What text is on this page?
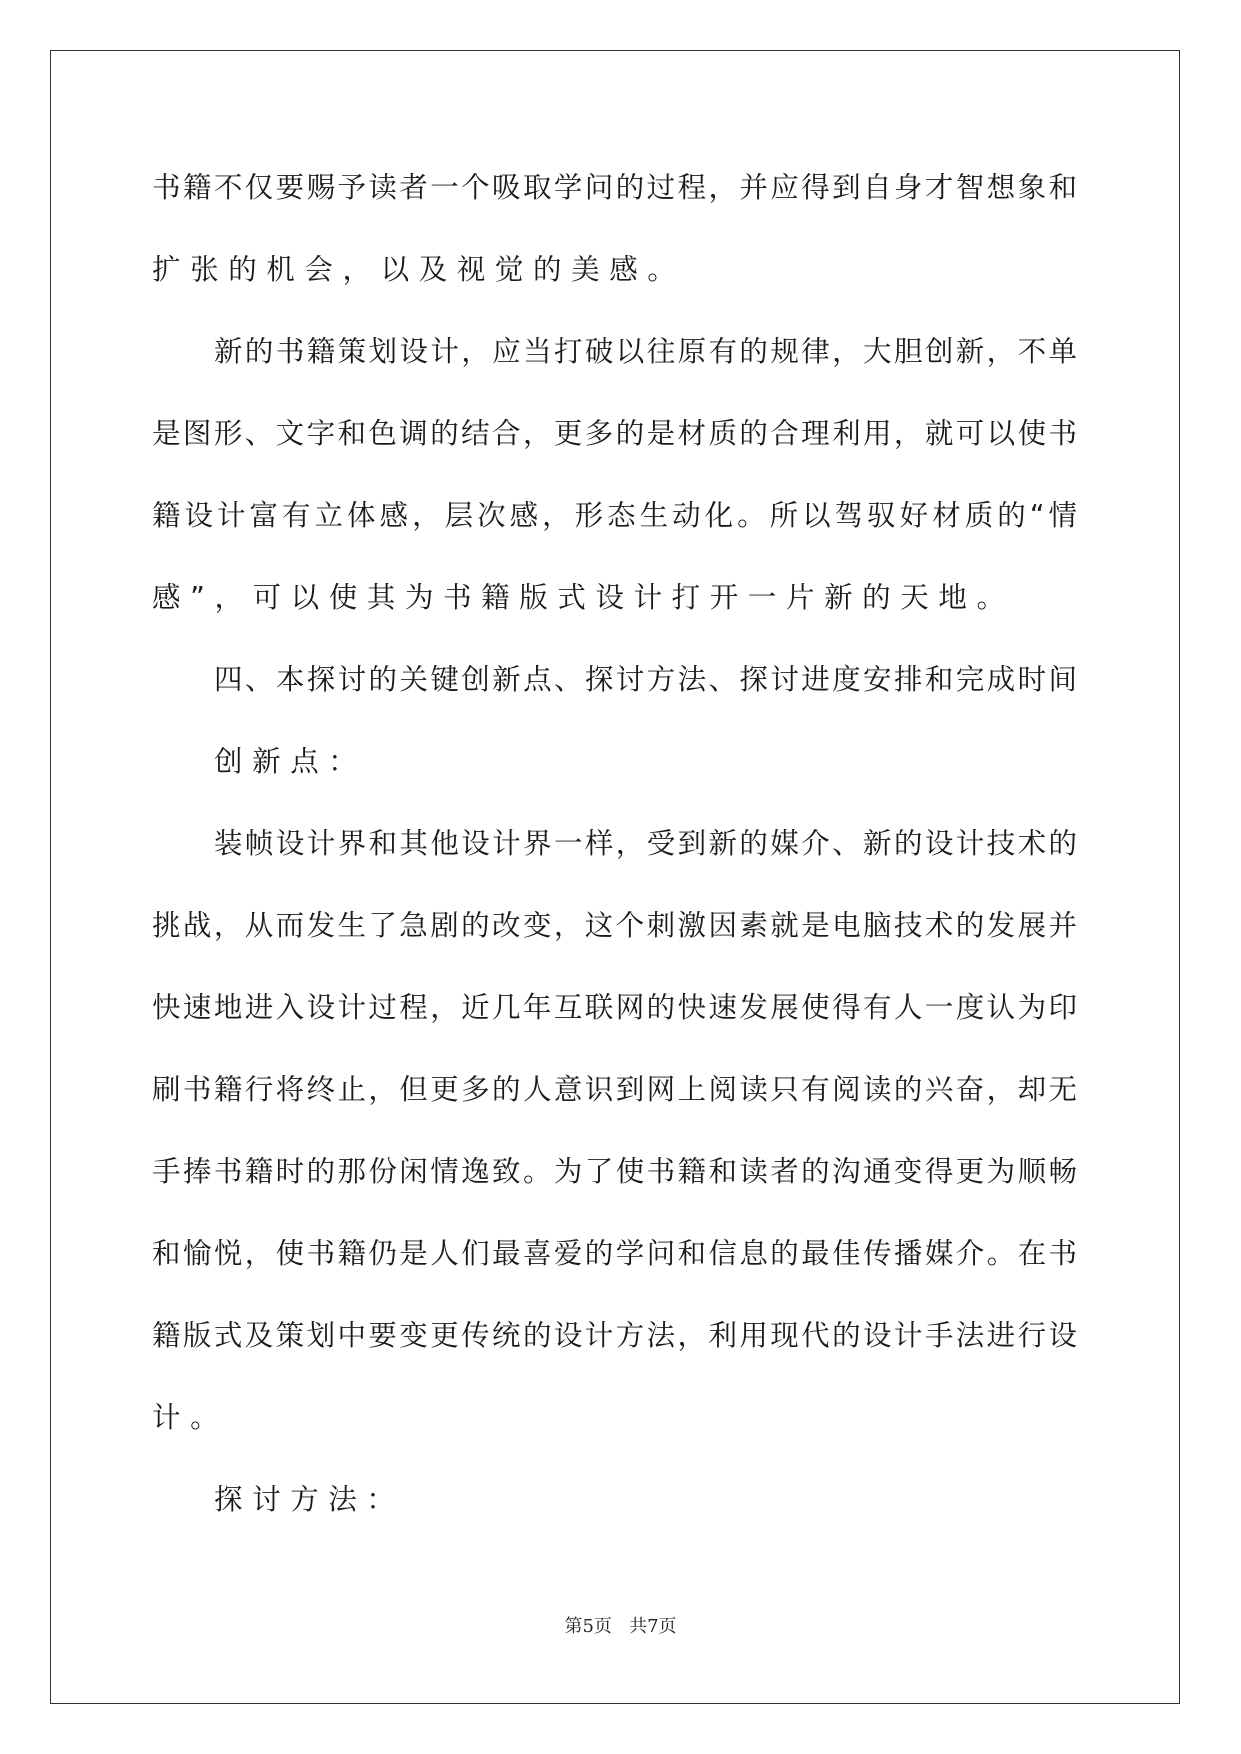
书籍不仅要赐予读者一个吸取学问的过程，并应得到自身才智想象和
扩张的机会，以及视觉的美感。
新的书籍策划设计，应当打破以往原有的规律，大胆创新，不单
是图形、文字和色调的结合，更多的是材质的合理利用，就可以使书
籍设计富有立体感，层次感，形态生动化。所以驾驭好材质的“情
感”，可以使其为书籍版式设计打开一片新的天地。
四、本探讨的关键创新点、探讨方法、探讨进度安排和完成时间
创新点：
装帧设计界和其他设计界一样，受到新的媒介、新的设计技术的
挑战，从而发生了急剧的改变，这个刺激因素就是电脑技术的发展并
快速地进入设计过程，近几年互联网的快速发展使得有人一度认为印
刷书籍行将终止，但更多的人意识到网上阅读只有阅读的兴奋，却无
手捧书籍时的那份闲情逸致。为了使书籍和读者的沟通变得更为顺畅
和愉悦，使书籍仍是人们最喜爱的学问和信息的最佳传播媒介。在书
籍版式及策划中要变更传统的设计方法，利用现代的设计手法进行设
计。
探讨方法：
第5页   共7页
